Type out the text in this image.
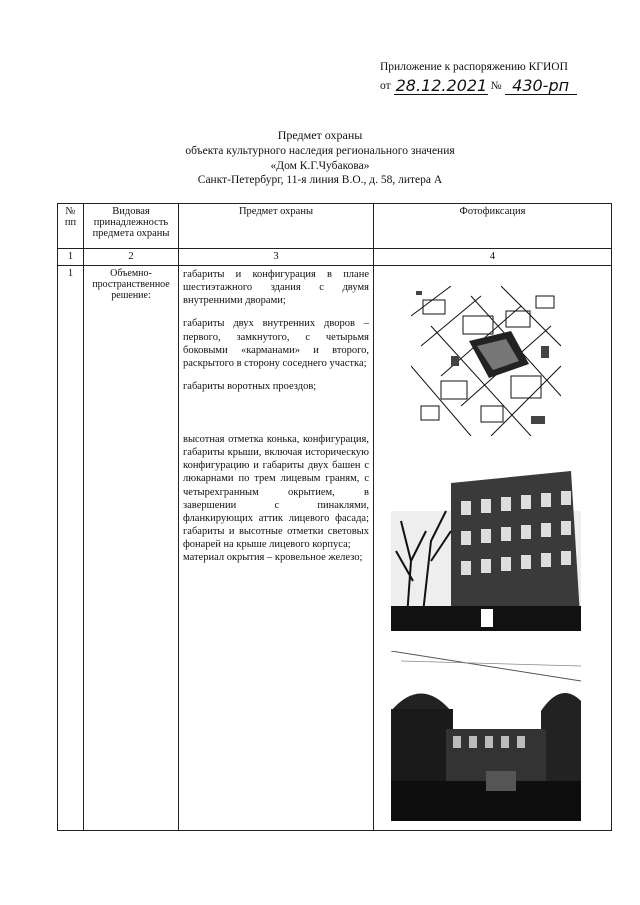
Приложение к распоряжению КГИОП
от 28.12.2021 № 430-рп
Предмет охраны
объекта культурного наследия регионального значения
«Дом К.Г.Чубакова»
Санкт-Петербург, 11-я линия В.О., д. 58, литера А
№ пп	Видовая принадлежность предмета охраны	Предмет охраны	Фотофиксация
1	2	3	4
1	Объемно-пространственное решение:	габариты и конфигурация в плане шестиэтажного здания с двумя внутренними дворами;

габариты двух внутренних дворов – первого, замкнутого, с четырьмя боковыми «карманами» и второго, раскрытого в сторону соседнего участка;

габариты воротных проездов;

высотная отметка конька, конфигурация, габариты крыши, включая историческую конфигурацию и габариты двух башен с люкарнами по трем лицевым граням, с четырехгранным окрытием, в завершении с пинаклями, фланкирующих аттик лицевого фасада; габариты и высотные отметки световых фонарей на крыше лицевого корпуса;

материал окрытия – кровельное железо;
